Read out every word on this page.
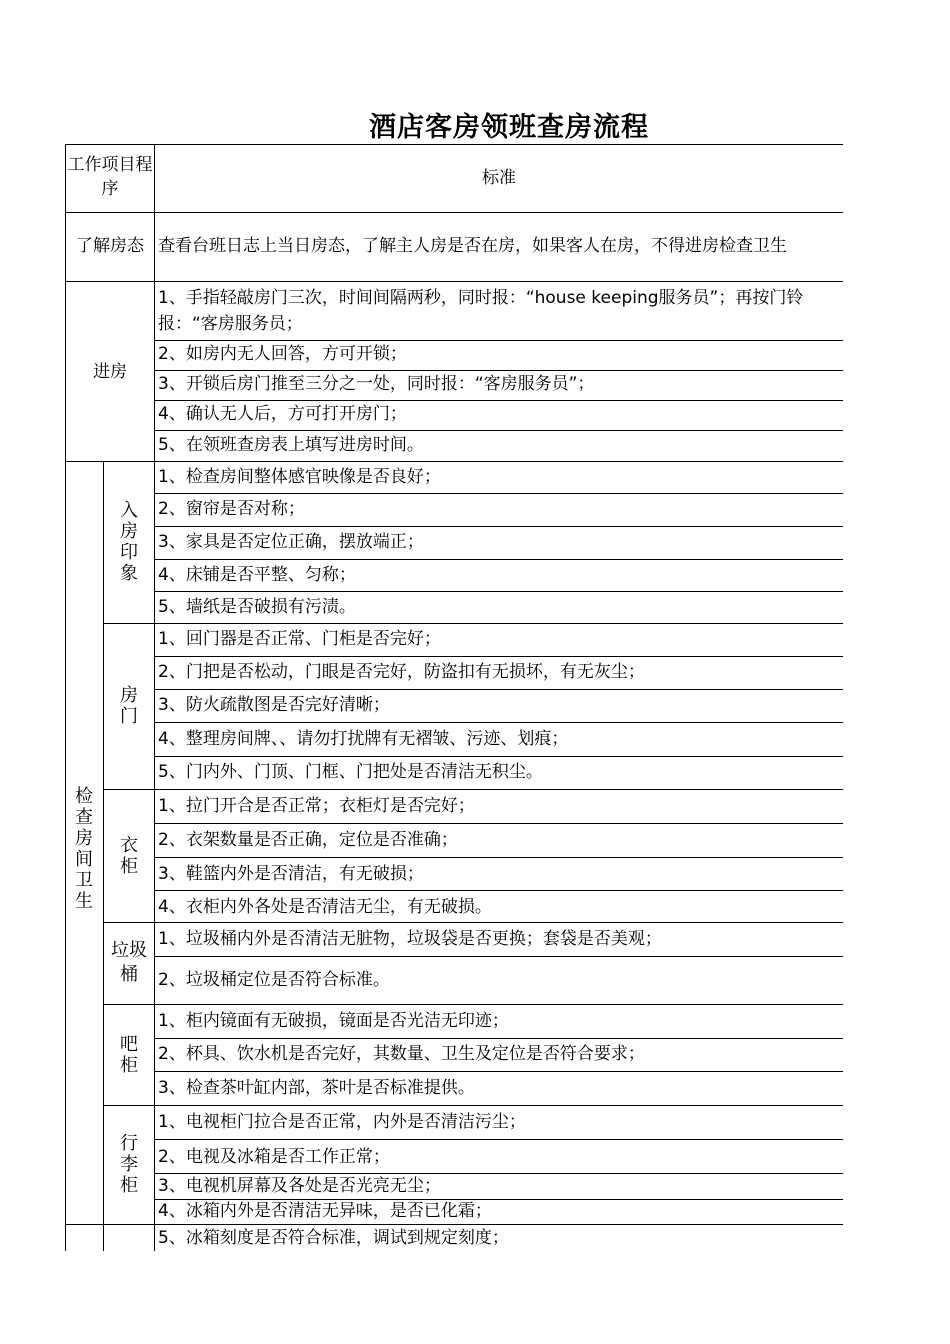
酒店客房领班查房流程
工作项目程序
标准
了解房态 查看台班日志上当日房态，了解主人房是否在房，如果客人在房，不得进房检查卫生
进房
1、手指轻敲房门三次，时间间隔两秒，同时报：“house keeping服务员”；再按门铃报：“客房服务员；
2、如房内无人回答，方可开锁；
3、开锁后房门推至三分之一处，同时报：“客房服务员”；
4、确认无人后，方可打开房门；
5、在领班查房表上填写进房时间。
检查房间卫生
入房印象
1、检查房间整体感官映像是否良好；
2、窗帘是否对称；
3、家具是否定位正确，摆放端正；
4、床铺是否平整、匀称；
5、墙纸是否破损有污渍。
房门
1、回门器是否正常、门柜是否完好；
2、门把是否松动，门眼是否完好，防盗扣有无损坏，有无灰尘；
3、防火疏散图是否完好清晰；
4、整理房间牌、、请勿打扰牌有无褶皱、污迹、划痕；
5、门内外、门顶、门框、门把处是否清洁无积尘。
衣柜
1、拉门开合是否正常；衣柜灯是否完好；
2、衣架数量是否正确，定位是否准确；
3、鞋篮内外是否清洁，有无破损；
4、衣柜内外各处是否清洁无尘，有无破损。
垃圾桶
1、垃圾桶内外是否清洁无脏物，垃圾袋是否更换；套袋是否美观；
2、垃圾桶定位是否符合标准。
吧柜
1、柜内镜面有无破损，镜面是否光洁无印迹；
2、杯具、饮水机是否完好，其数量、卫生及定位是否符合要求；
3、检查茶叶缸内部，茶叶是否标准提供。
行李柜
1、电视柜门拉合是否正常，内外是否清洁污尘；
2、电视及冰箱是否工作正常；
3、电视机屏幕及各处是否光亮无尘；
4、冰箱内外是否清洁无异味，是否已化霜；
5、冰箱刻度是否符合标准，调试到规定刻度；
